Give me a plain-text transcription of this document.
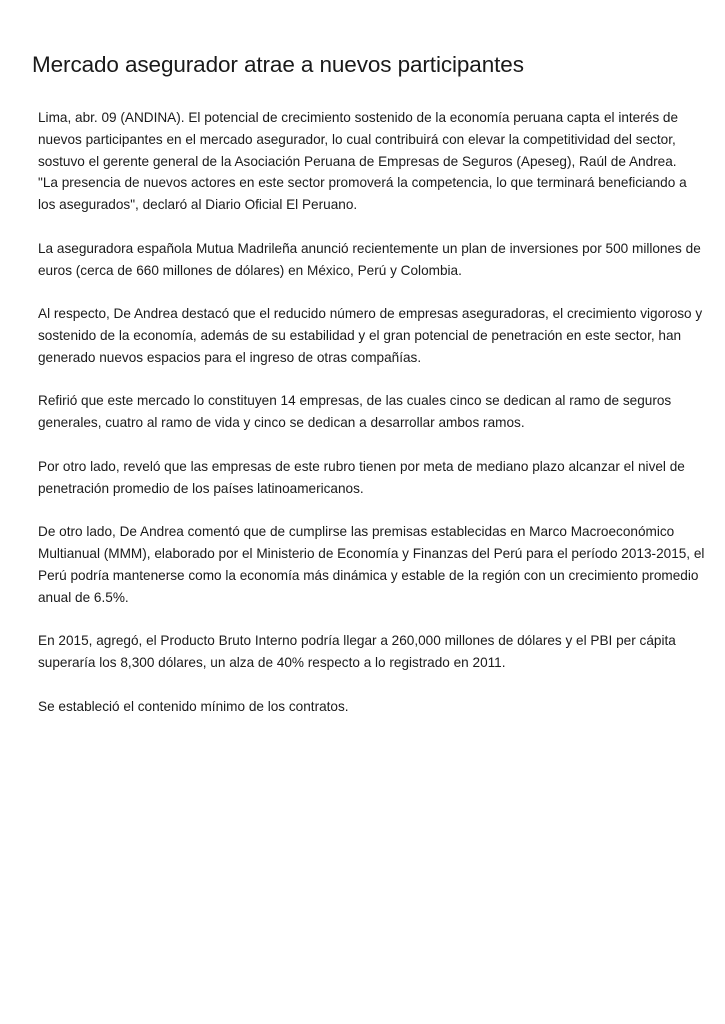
Mercado asegurador atrae a nuevos participantes

Lima, abr. 09 (ANDINA). El potencial de crecimiento sostenido de la economía peruana capta el interés de
nuevos participantes en el mercado asegurador, lo cual contribuirá con elevar la competitividad del sector,
sostuvo el gerente general de la Asociación Peruana de Empresas de Seguros (Apeseg), Raúl de Andrea.
"La presencia de nuevos actores en este sector promoverá la competencia, lo que terminará beneficiando a
los asegurados", declaró al Diario Oficial El Peruano.

La aseguradora española Mutua Madrileña anunció recientemente un plan de inversiones por 500 millones de
euros (cerca de 660 millones de dólares) en México, Perú y Colombia.

Al respecto, De Andrea destacó que el reducido número de empresas aseguradoras, el crecimiento vigoroso y
sostenido de la economía, además de su estabilidad y el gran potencial de penetración en este sector, han
generado nuevos espacios para el ingreso de otras compañías.

Refirió que este mercado lo constituyen 14 empresas, de las cuales cinco se dedican al ramo de seguros
generales, cuatro al ramo de vida y cinco se dedican a desarrollar ambos ramos.

Por otro lado, reveló que las empresas de este rubro tienen por meta de mediano plazo alcanzar el nivel de
penetración promedio de los países latinoamericanos.

De otro lado, De Andrea comentó que de cumplirse las premisas establecidas en Marco Macroeconómico
Multianual (MMM), elaborado por el Ministerio de Economía y Finanzas del Perú para el período 2013-2015, el
Perú podría mantenerse como la economía más dinámica y estable de la región con un crecimiento promedio
anual de 6.5%.

En 2015, agregó, el Producto Bruto Interno podría llegar a 260,000 millones de dólares y el PBI per cápita
superaría los 8,300 dólares, un alza de 40% respecto a lo registrado en 2011.

Se estableció el contenido mínimo de los contratos.
